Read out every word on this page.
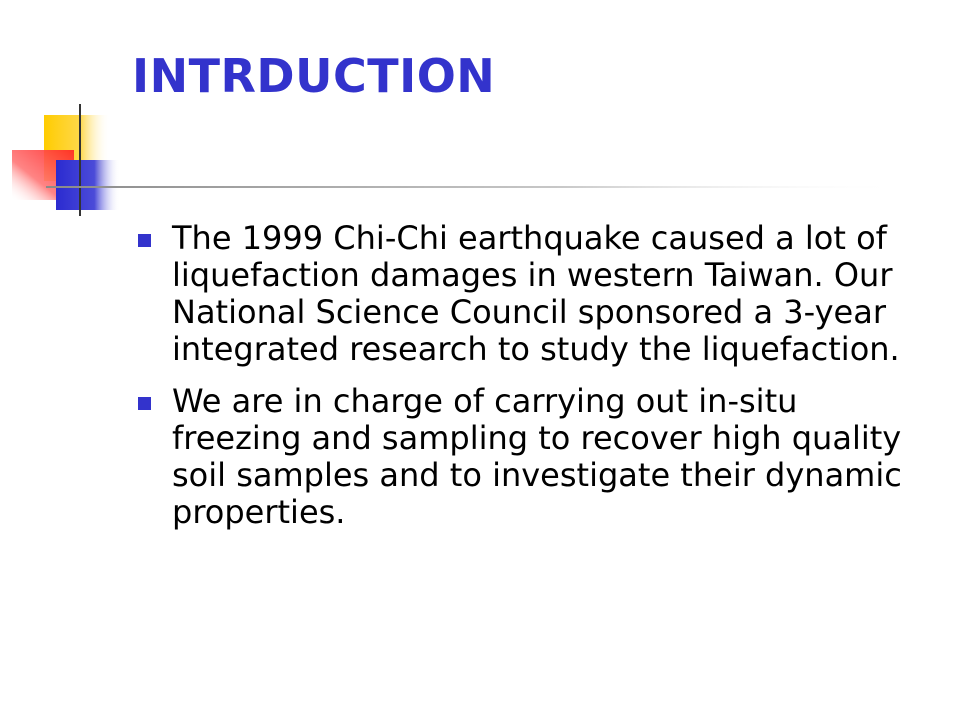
INTRDUCTION
The 1999 Chi-Chi earthquake caused a lot of liquefaction damages in western Taiwan. Our National Science Council sponsored a 3-year integrated research to study the liquefaction.
We are in charge of carrying out in-situ freezing and sampling to recover high quality soil samples and to investigate their dynamic properties.
